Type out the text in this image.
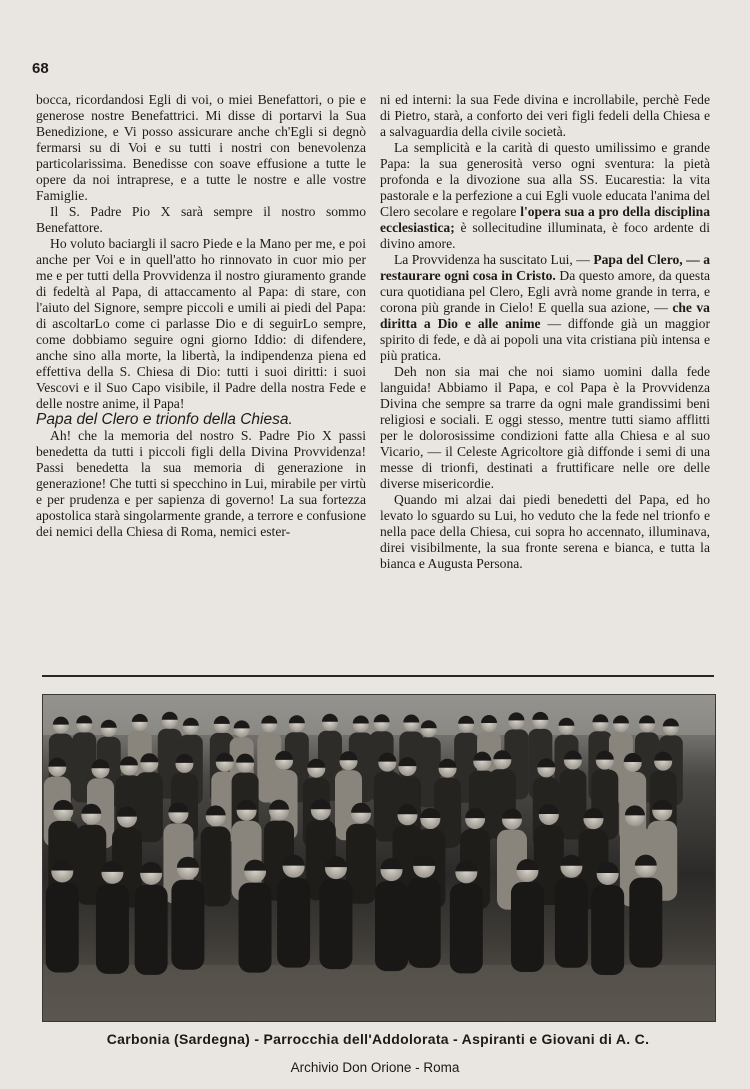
68

bocca, ricordandosi Egli di voi, o miei Benefattori, o pie e generose nostre Benefattrici. Mi disse di portarvi la Sua Benedizione, e Vi posso assicurare anche ch'Egli si degnò fermarsi su di Voi e su tutti i nostri con benevolenza particolarissima. Benedisse con soave effusione a tutte le opere da noi intraprese, e a tutte le nostre e alle vostre Famiglie.

Il S. Padre Pio X sarà sempre il nostro sommo Benefattore.

Ho voluto baciargli il sacro Piede e la Mano per me, e poi anche per Voi e in quell'atto ho rinnovato in cuor mio per me e per tutti della Provvidenza il nostro giuramento grande di fedeltà al Papa, di attaccamento al Papa: di stare, con l'aiuto del Signore, sempre piccoli e umili ai piedi del Papa: di ascoltarLo come ci parlasse Dio e di seguirLo sempre, come dobbiamo seguire ogni giorno Iddio: di difendere, anche sino alla morte, la libertà, la indipendenza piena ed effettiva della S. Chiesa di Dio: tutti i suoi diritti: i suoi Vescovi e il Suo Capo visibile, il Padre della nostra Fede e delle nostre anime, il Papa!

Papa del Clero e trionfo della Chiesa.

Ah! che la memoria del nostro S. Padre Pio X passi benedetta da tutti i piccoli figli della Divina Provvidenza! Passi benedetta la sua memoria di generazione in generazione! Che tutti si specchino in Lui, mirabile per virtù e per prudenza e per sapienza di governo! La sua fortezza apostolica starà singolarmente grande, a terrore e confusione dei nemici della Chiesa di Roma, nemici ester-

ni ed interni: la sua Fede divina e incrollabile, perchè Fede di Pietro, starà, a conforto dei veri figli fedeli della Chiesa e a salvaguardia della civile società.

La semplicità e la carità di questo umilissimo e grande Papa: la sua generosità verso ogni sventura: la pietà profonda e la divozione sua alla SS. Eucarestia: la vita pastorale e la perfezione a cui Egli vuole educata l'anima del Clero secolare e regolare l'opera sua a pro della disciplina ecclesiastica; è sollecitudine illuminata, è foco ardente di divino amore.

La Provvidenza ha suscitato Lui, — Papa del Clero, — a restaurare ogni cosa in Cristo. Da questo amore, da questa cura quotidiana pel Clero, Egli avrà nome grande in terra, e corona più grande in Cielo! E quella sua azione, — che va diritta a Dio e alle anime — diffonde già un maggior spirito di fede, e dà ai popoli una vita cristiana più intensa e più pratica.

Deh non sia mai che noi siamo uomini dalla fede languida! Abbiamo il Papa, e col Papa è la Provvidenza Divina che sempre sa trarre da ogni male grandissimi beni religiosi e sociali. E oggi stesso, mentre tutti siamo afflitti per le dolorosissime condizioni fatte alla Chiesa e al suo Vicario, — il Celeste Agricoltore già diffonde i semi di una messe di trionfi, destinati a fruttificare nelle ore delle diverse misericordie.

Quando mi alzai dai piedi benedetti del Papa, ed ho levato lo sguardo su Lui, ho veduto che la fede nel trionfo e nella pace della Chiesa, cui sopra ho accennato, illuminava, direi visibilmente, la sua fronte serena e bianca, e tutta la bianca e Augusta Persona.

Carbonia (Sardegna) - Parrocchia dell'Addolorata - Aspiranti e Giovani di A. C.
Archivio Don Orione - Roma
